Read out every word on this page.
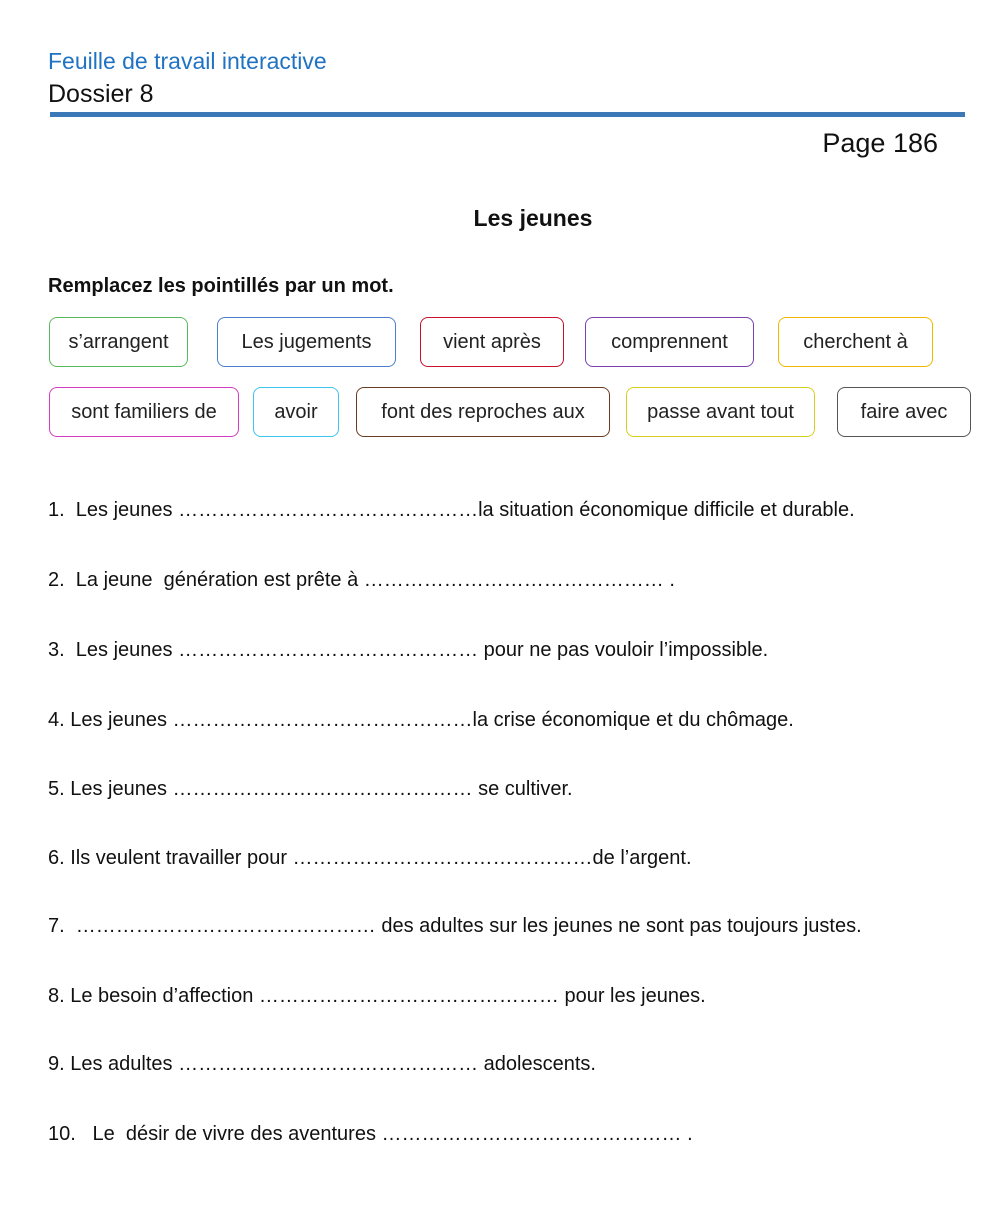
Feuille de travail interactive
Dossier 8
Page 186
Les jeunes
Remplacez les pointillés par un mot.
s’arrangent	Les jugements	vient après	comprennent	cherchent à
sont familiers de	avoir	font des reproches aux	passe avant tout	faire avec
1.  Les jeunes ………………………………………la situation économique difficile et durable.
2.  La jeune  génération est prête à ……………………………………… .
3.  Les jeunes ……………………………………… pour ne pas vouloir l’impossible.
4. Les jeunes ………………………………………la crise économique et du chômage.
5. Les jeunes ……………………………………… se cultiver.
6. Ils veulent travailler pour ………………………………………de l’argent.
7.  ……………………………………… des adultes sur les jeunes ne sont pas toujours justes.
8. Le besoin d’affection ……………………………………… pour les jeunes.
9. Les adultes ……………………………………… adolescents.
10.   Le  désir de vivre des aventures ……………………………………… .
